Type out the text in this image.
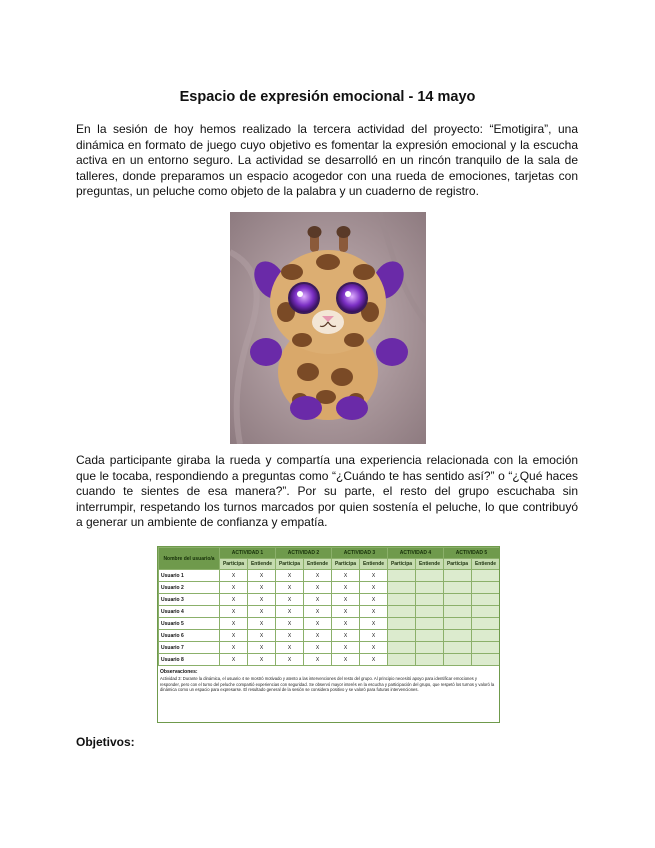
Espacio de expresión emocional - 14 mayo

En la sesión de hoy hemos realizado la tercera actividad del proyecto: “Emotigira”, una dinámica en formato de juego cuyo objetivo es fomentar la expresión emocional y la escucha activa en un entorno seguro. La actividad se desarrolló en un rincón tranquilo de la sala de talleres, donde preparamos un espacio acogedor con una rueda de emociones, tarjetas con preguntas, un peluche como objeto de la palabra y un cuaderno de registro.

Cada participante giraba la rueda y compartía una experiencia relacionada con la emoción que le tocaba, respondiendo a preguntas como “¿Cuándo te has sentido así?” o “¿Qué haces cuando te sientes de esa manera?”. Por su parte, el resto del grupo escuchaba sin interrumpir, respetando los turnos marcados por quien sostenía el peluche, lo que contribuyó a generar un ambiente de confianza y empatía.

Nombre del usuario/a	ACTIVIDAD 1		ACTIVIDAD 2		ACTIVIDAD 3		ACTIVIDAD 4		ACTIVIDAD 5	
	Participa	Entiende	Participa	Entiende	Participa	Entiende	Participa	Entiende	Participa	Entiende
Usuario 1	X	X	X	X	X	X				
Usuario 2	X	X	X	X	X	X				
Usuario 3	X	X	X	X	X	X				
Usuario 4	X	X	X	X	X	X				
Usuario 5	X	X	X	X	X	X				
Usuario 6	X	X	X	X	X	X				
Usuario 7	X	X	X	X	X	X				
Usuario 8	X	X	X	X	X	X				
Observaciones:
Actividad 3: Durante la dinámica, el usuario 4 se mostró motivado y atento a las intervenciones del resto del grupo. Al principio necesitó apoyo para identificar emociones y responder, pero con el turno del peluche compartió experiencias con seguridad. Se observó mayor interés en la escucha y participación del grupo, que respetó los turnos y valoró la dinámica como un espacio para expresarse. El resultado general de la sesión se considera positivo y se valoró para futuras intervenciones.
Objetivos:
